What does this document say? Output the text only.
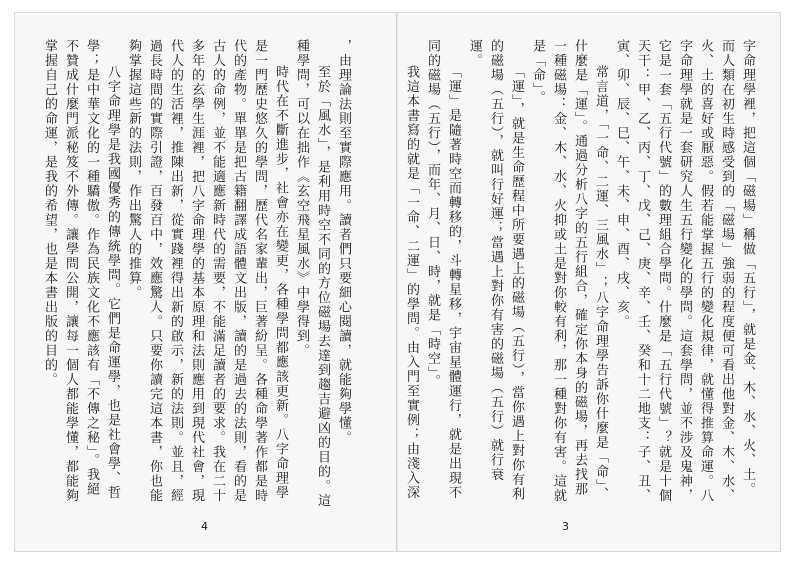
，由理論法則至實際應用。讀者們只要細心閱讀，就能夠學懂。

至於「風水」，是利用時空不同的方位磁場去達到趨吉避凶的目的。這種學問，可以在拙作《玄空飛星風水》中學得到。

時代在不斷進步，社會亦在變更，各種學問都應該更新。八字命理學是一門歷史悠久的學問，歷代名家輩出，巨著紛呈。各種命學著作都是時代的產物。單單是把古籍翻譯成語體文出版，讀的是過去的法則，看的是古人的命例，並不能適應新時代的需要，不能滿足讀者的要求。我在二十多年的玄學生涯裡，把八字命理學的基本原理和法則應用到現代社會，現代人的生活裡，推陳出新，從實踐裡得出新的啟示，新的法則。並且，經過長時間的實際引證，百發百中，效應驚人。只要你讀完這本書，你也能夠掌握這些新的法則，作出驚人的推算。

八字命理學是我國優秀的傳統學問。它們是命運學，也是社會學、哲學；是中華文化的一種驕傲。作為民族文化不應該有「不傳之秘」。我絕不贊成什麼門派秘笈不外傳。讓學問公開，讓每一個人都能學懂，都能夠掌握自己的命運，是我的希望，也是本書出版的目的。

4

字命理學裡，把這個「磁場」稱做「五行」，就是金、木、水、火、土。而人類在初生時感受到的「磁場」強弱的程度便可看出他對金、木、水、火、土的喜好或厭惡。假若能掌握五行的變化規律，就懂得推算命運。八字命理學就是一套研究人生五行變化的學問。這套學問，並不涉及鬼神，它是一套「五行代號」的數理組合學問。什麼是「五行代號」？就是十個天干：甲、乙、丙、丁、戊、己、庚、辛、壬、癸和十二地支：子、丑、寅、卯、辰、巳、午、未、申、酉、戌、亥。

常言道，「一命、二運、三風水」；八字命理學告訴你什麼是「命」、什麼是「運」。通過分析八字的五行組合，確定你本身的磁場，再去找那一種磁場：金、木、水、火抑或土是對你較有利，那一種對你有害。這就是「命」。

「運」，就是生命歷程中所要遇上的磁場（五行），當你遇上對你有利的磁場（五行），就叫行好運；當遇上對你有害的磁場（五行）就行衰運。

「運」是隨著時空而轉移的，斗轉星移，宇宙星體運行，就是出現不同的磁場（五行），而年、月、日、時，就是「時空」。

我這本書寫的就是「一命、二運」的學問。由入門至實例；由淺入深

3
